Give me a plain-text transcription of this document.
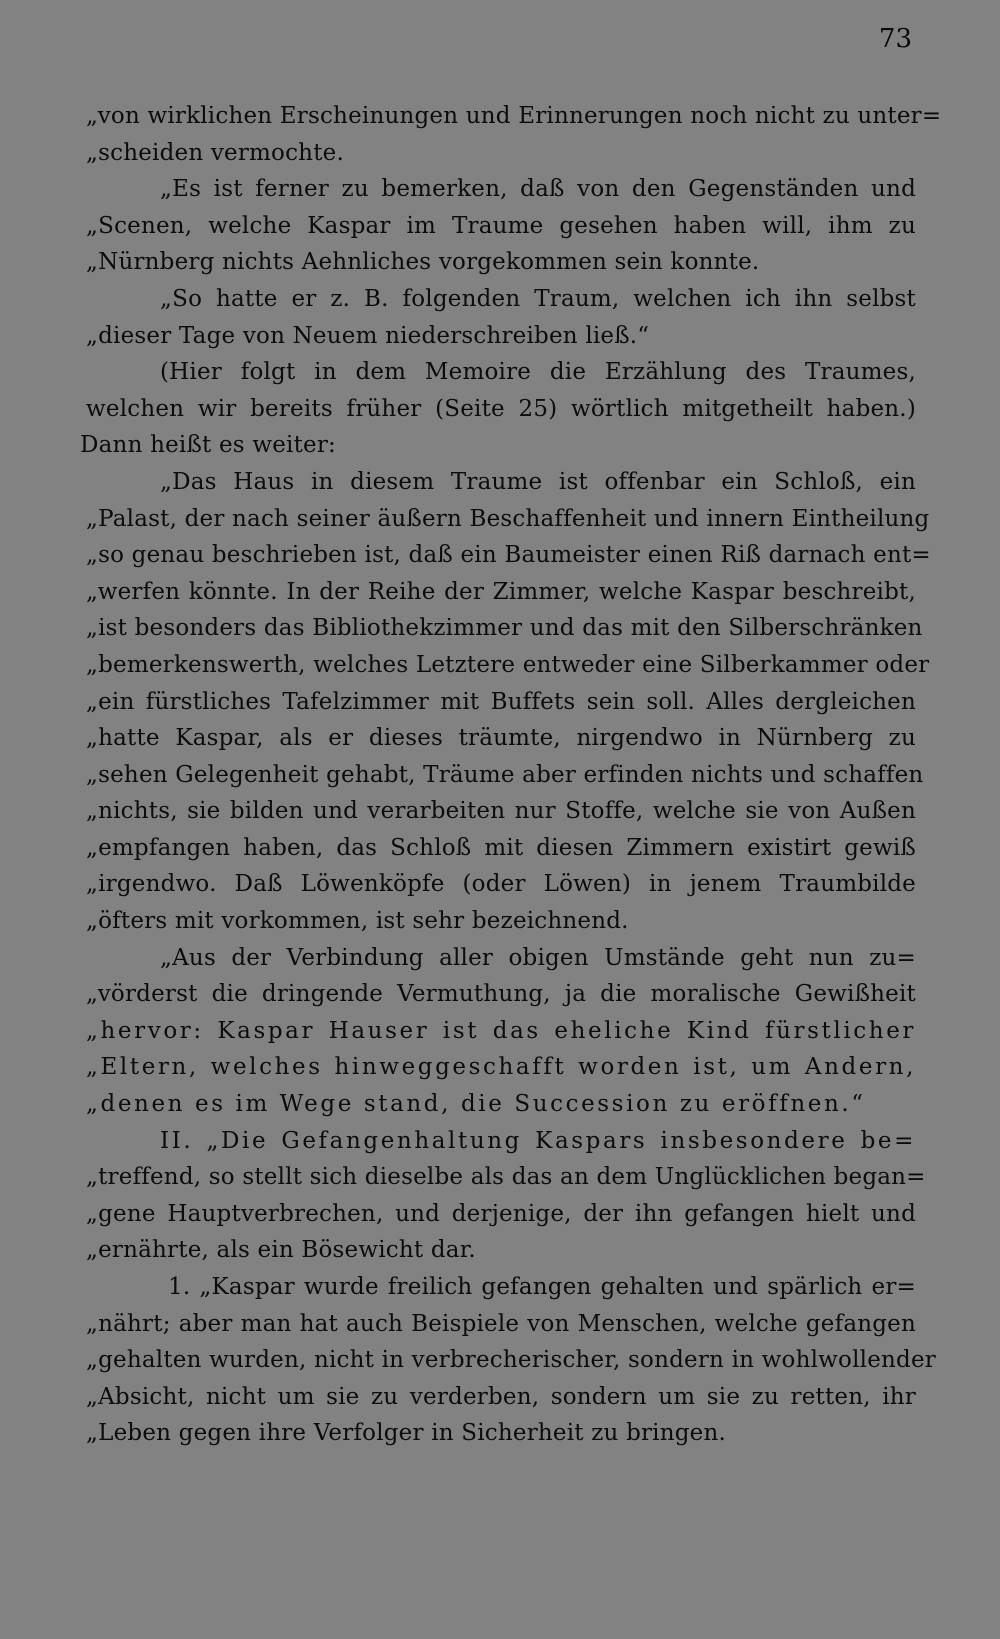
73
„von wirklichen Erscheinungen und Erinnerungen noch nicht zu unter=
„scheiden vermochte.
„Es ist ferner zu bemerken, daß von den Gegenständen und
„Scenen, welche Kaspar im Traume gesehen haben will, ihm zu
„Nürnberg nichts Aehnliches vorgekommen sein konnte.
„So hatte er z. B. folgenden Traum, welchen ich ihn selbst
„dieser Tage von Neuem niederschreiben ließ.“
(Hier folgt in dem Memoire die Erzählung des Traumes,
welchen wir bereits früher (Seite 25) wörtlich mitgetheilt haben.)
Dann heißt es weiter:
„Das Haus in diesem Traume ist offenbar ein Schloß, ein
„Palast, der nach seiner äußern Beschaffenheit und innern Eintheilung
„so genau beschrieben ist, daß ein Baumeister einen Riß darnach ent=
„werfen könnte. In der Reihe der Zimmer, welche Kaspar beschreibt,
„ist besonders das Bibliothekzimmer und das mit den Silberschränken
„bemerkenswerth, welches Letztere entweder eine Silberkammer oder
„ein fürstliches Tafelzimmer mit Buffets sein soll. Alles dergleichen
„hatte Kaspar, als er dieses träumte, nirgendwo in Nürnberg zu
„sehen Gelegenheit gehabt, Träume aber erfinden nichts und schaffen
„nichts, sie bilden und verarbeiten nur Stoffe, welche sie von Außen
„empfangen haben, das Schloß mit diesen Zimmern existirt gewiß
„irgendwo. Daß Löwenköpfe (oder Löwen) in jenem Traumbilde
„öfters mit vorkommen, ist sehr bezeichnend.
„Aus der Verbindung aller obigen Umstände geht nun zu=
„vörderst die dringende Vermuthung, ja die moralische Gewißheit
„hervor: Kaspar Hauser ist das eheliche Kind fürstlicher
„Eltern, welches hinweggeschafft worden ist, um Andern,
„denen es im Wege stand, die Succession zu eröffnen.“
II. „Die Gefangenhaltung Kaspars insbesondere be=
„treffend, so stellt sich dieselbe als das an dem Unglücklichen began=
„gene Hauptverbrechen, und derjenige, der ihn gefangen hielt und
„ernährte, als ein Bösewicht dar.
1. „Kaspar wurde freilich gefangen gehalten und spärlich er=
„nährt; aber man hat auch Beispiele von Menschen, welche gefangen
„gehalten wurden, nicht in verbrecherischer, sondern in wohlwollender
„Absicht, nicht um sie zu verderben, sondern um sie zu retten, ihr
„Leben gegen ihre Verfolger in Sicherheit zu bringen.
